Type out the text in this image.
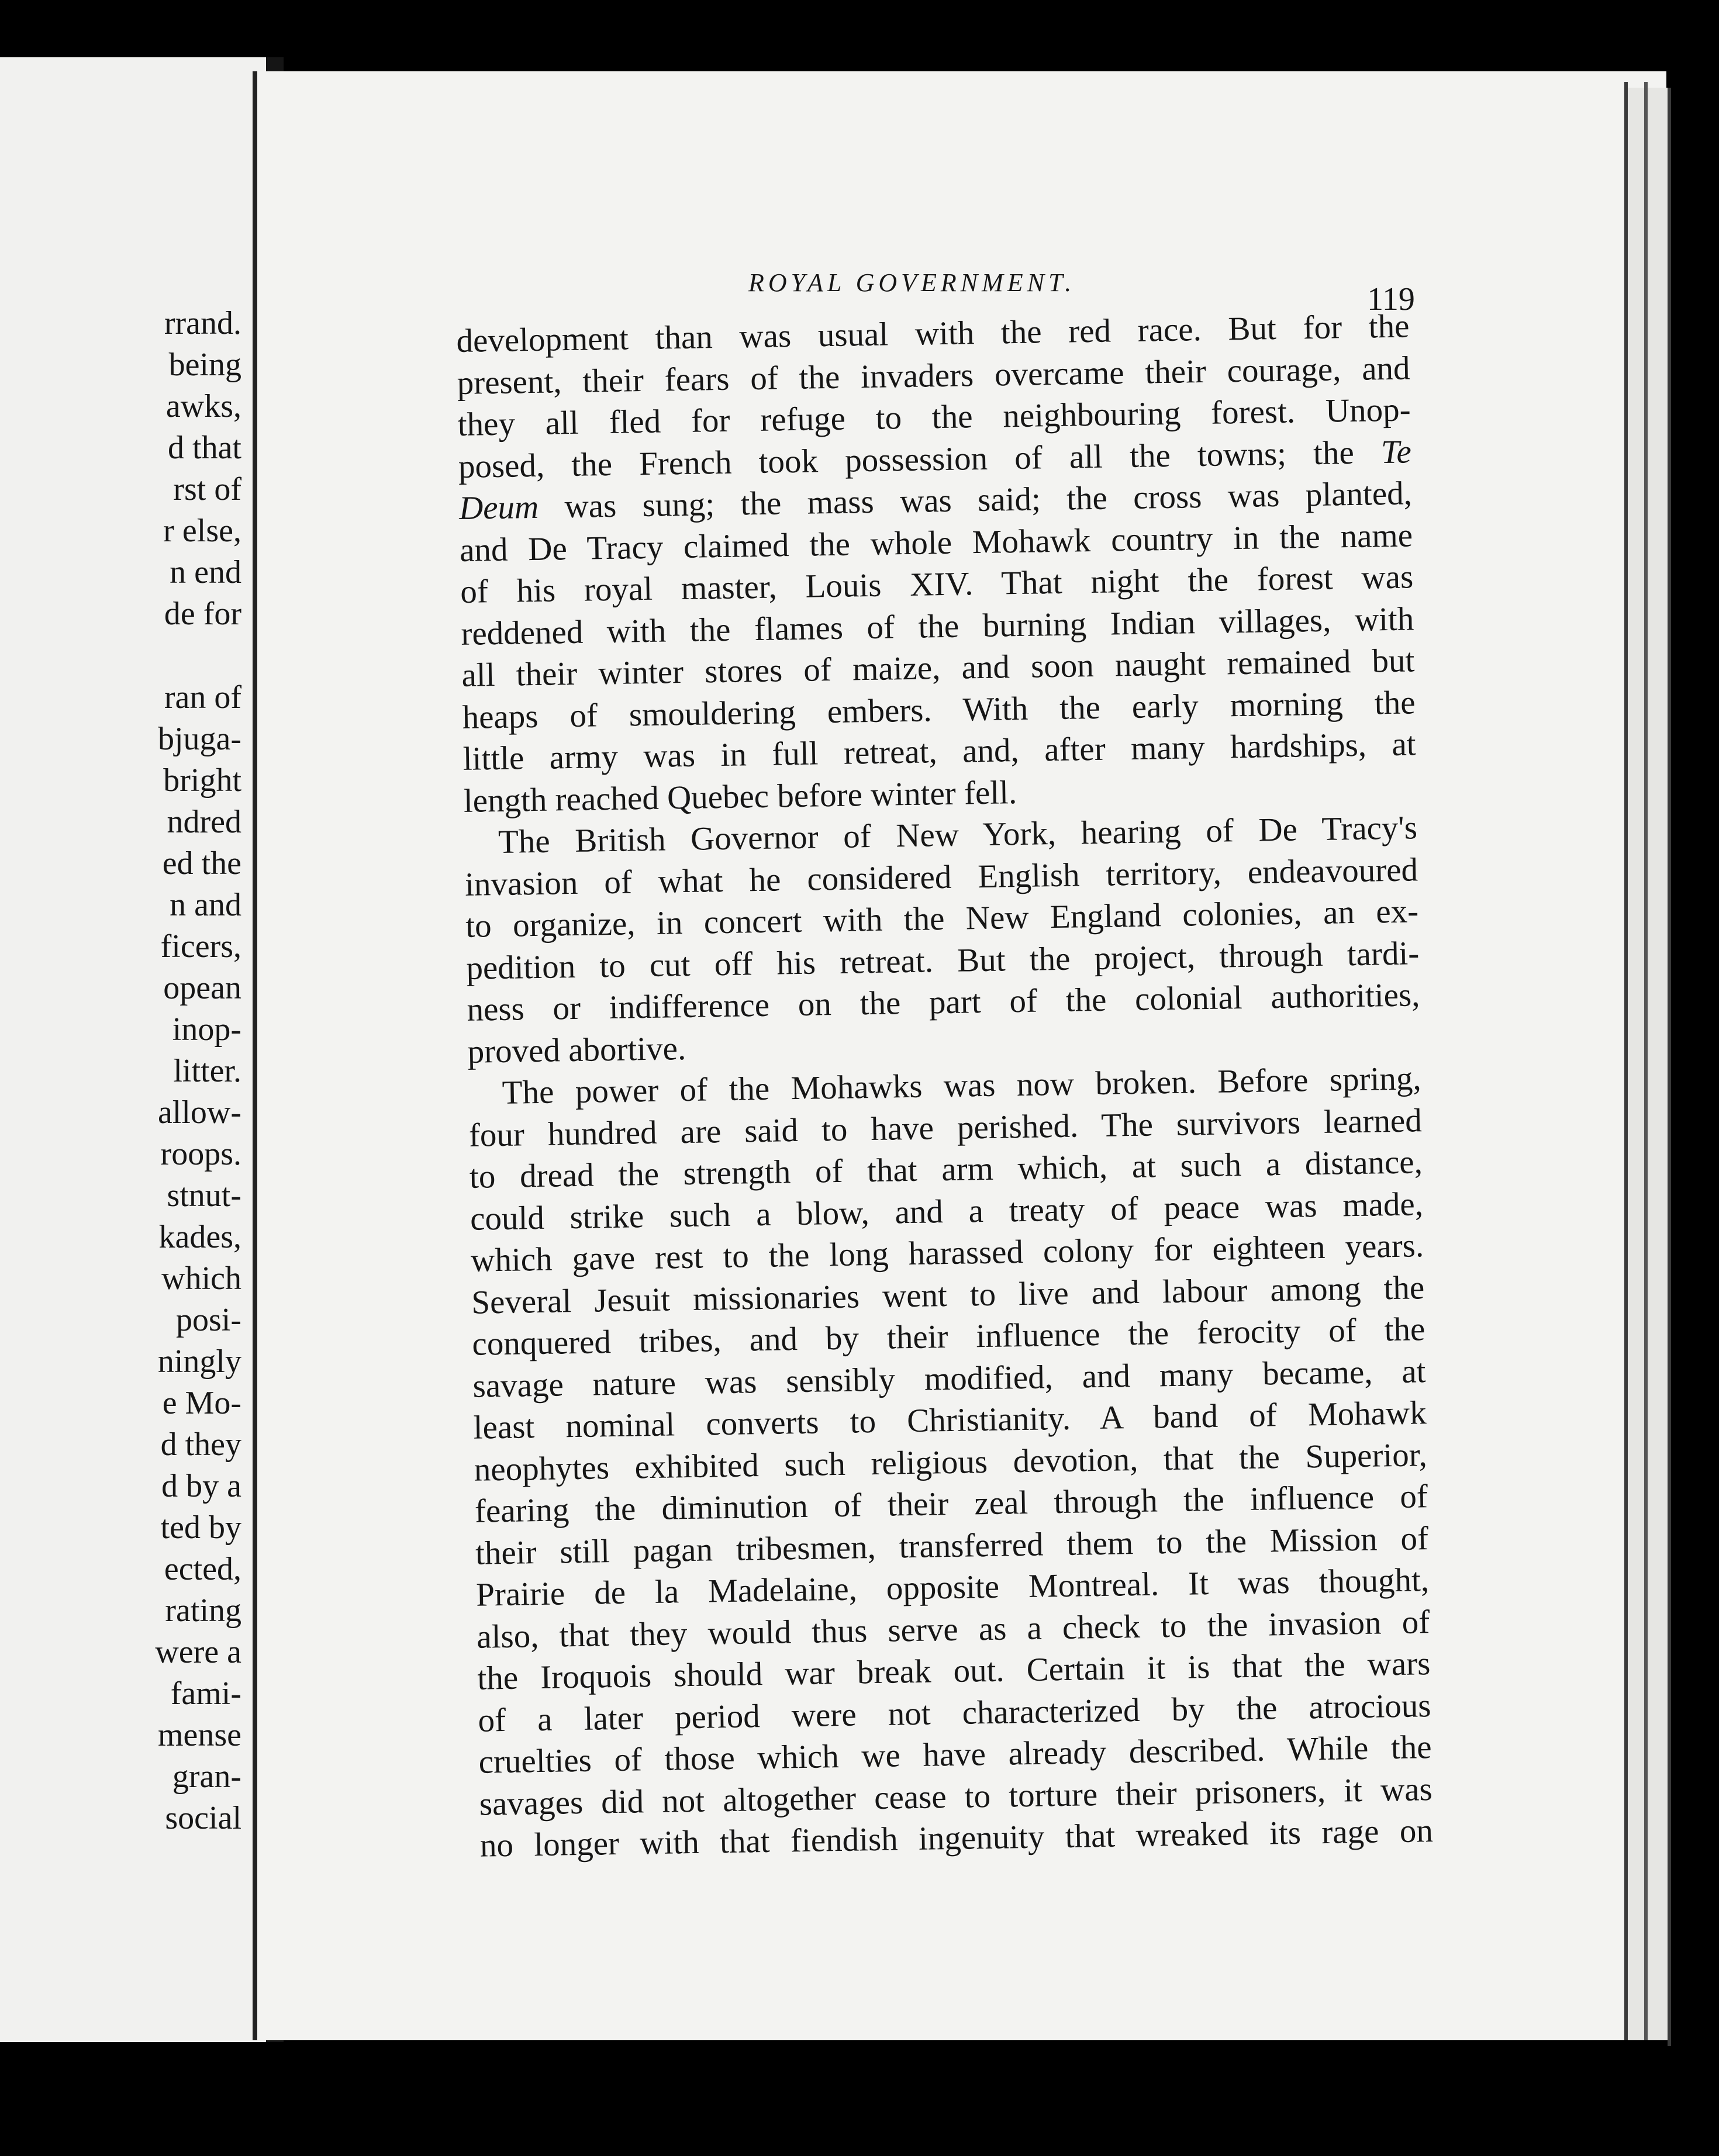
rrand.
being
awks,
d that
rst of
r else,
n end
de for
ran of
bjuga-
bright
ndred
ed the
n and
ficers,
opean
inop-
litter.
allow-
roops.
stnut-
kades,
which
posi-
ningly
e Mo-
d they
d by a
ted by
ected,
rating
were a
fami-
mense
gran-
social
ROYAL GOVERNMENT.	119
development than was usual with the red race. But for the
present, their fears of the invaders overcame their courage, and
they all fled for refuge to the neighbouring forest. Unop-
posed, the French took possession of all the towns; the Te
Deum was sung; the mass was said; the cross was planted,
and De Tracy claimed the whole Mohawk country in the name
of his royal master, Louis XIV. That night the forest was
reddened with the flames of the burning Indian villages, with
all their winter stores of maize, and soon naught remained but
heaps of smouldering embers. With the early morning the
little army was in full retreat, and, after many hardships, at
length reached Quebec before winter fell.
The British Governor of New York, hearing of De Tracy's
invasion of what he considered English territory, endeavoured
to organize, in concert with the New England colonies, an ex-
pedition to cut off his retreat. But the project, through tardi-
ness or indifference on the part of the colonial authorities,
proved abortive.
The power of the Mohawks was now broken. Before spring,
four hundred are said to have perished. The survivors learned
to dread the strength of that arm which, at such a distance,
could strike such a blow, and a treaty of peace was made,
which gave rest to the long harassed colony for eighteen years.
Several Jesuit missionaries went to live and labour among the
conquered tribes, and by their influence the ferocity of the
savage nature was sensibly modified, and many became, at
least nominal converts to Christianity. A band of Mohawk
neophytes exhibited such religious devotion, that the Superior,
fearing the diminution of their zeal through the influence of
their still pagan tribesmen, transferred them to the Mission of
Prairie de la Madelaine, opposite Montreal. It was thought,
also, that they would thus serve as a check to the invasion of
the Iroquois should war break out. Certain it is that the wars
of a later period were not characterized by the atrocious
cruelties of those which we have already described. While the
savages did not altogether cease to torture their prisoners, it was
no longer with that fiendish ingenuity that wreaked its rage on
